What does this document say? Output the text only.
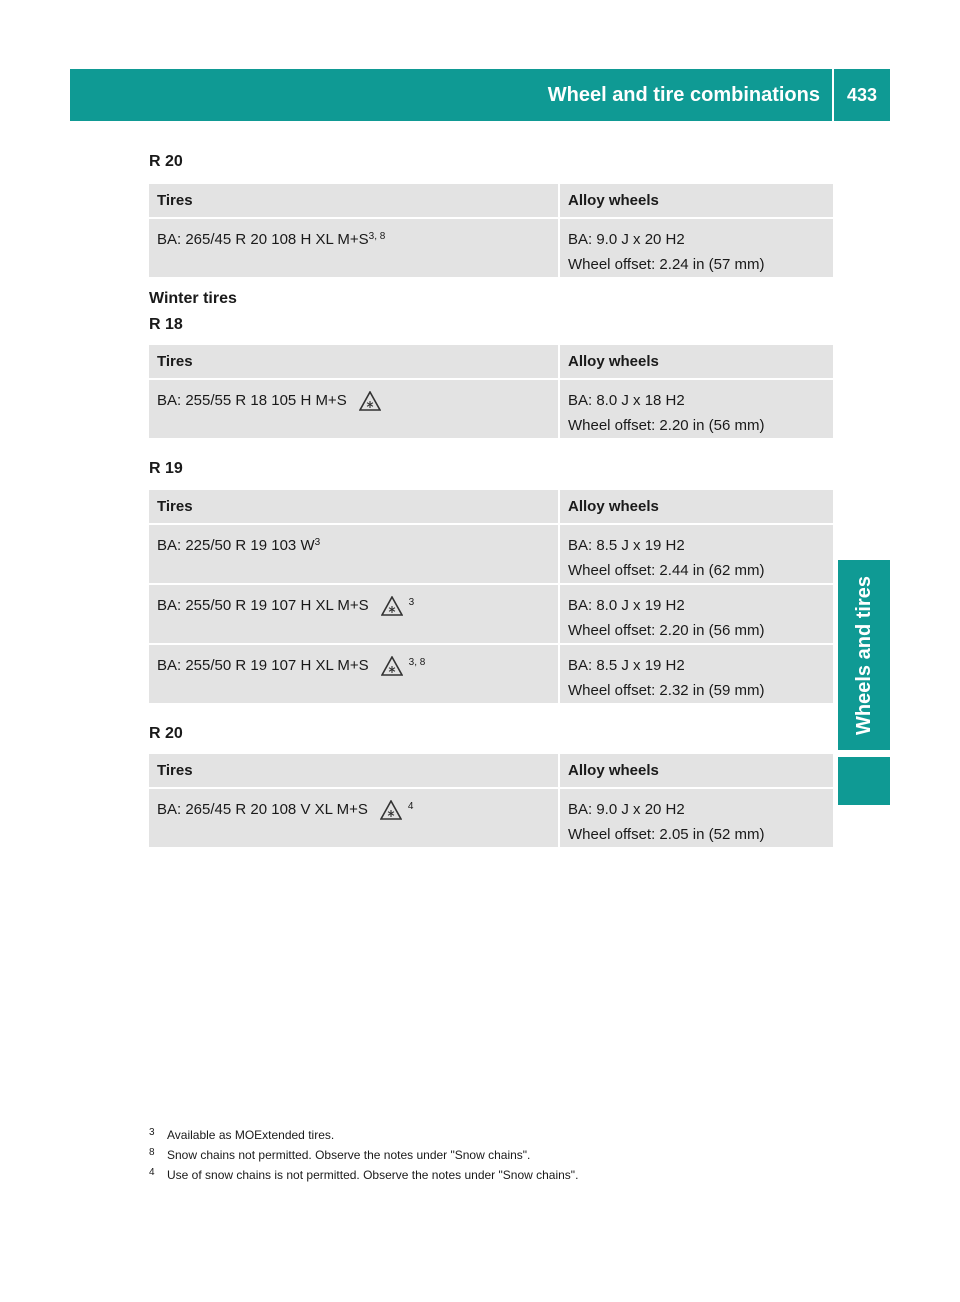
Wheel and tire combinations	433
Wheels and tires
R 20
Tires	Alloy wheels
BA: 265/45 R 20 108 H XL $M+S^{3, 8}$	BA: 9.0 J x 20 H2
Wheel offset: 2.24 in (57 mm)
Winter tires
R 18
Tires	Alloy wheels
BA: 255/55 R 18 105 H M+S	BA: 8.0 J x 18 H2
Wheel offset: 2.20 in (56 mm)
R 19
Tires	Alloy wheels
BA: 225/50 R 19 103 $W^3$	BA: 8.5 J x 19 H2
Wheel offset: 2.44 in (62 mm)

BA: 255/50 R 19 107 H XL M+S $^3$	BA: 8.0 J x 19 H2
Wheel offset: 2.20 in (56 mm)

BA: 255/50 R 19 107 H XL M+S $^{3, 8}$	BA: 8.5 J x 19 H2
Wheel offset: 2.32 in (59 mm)
R 20
Tires	Alloy wheels
BA: 265/45 R 20 108 V XL M+S $^4$	BA: 9.0 J x 20 H2
Wheel offset: 2.05 in (52 mm)
3	Available as MOExtended tires.
8	Snow chains not permitted. Observe the notes under "Snow chains".
4	Use of snow chains is not permitted. Observe the notes under "Snow chains".
